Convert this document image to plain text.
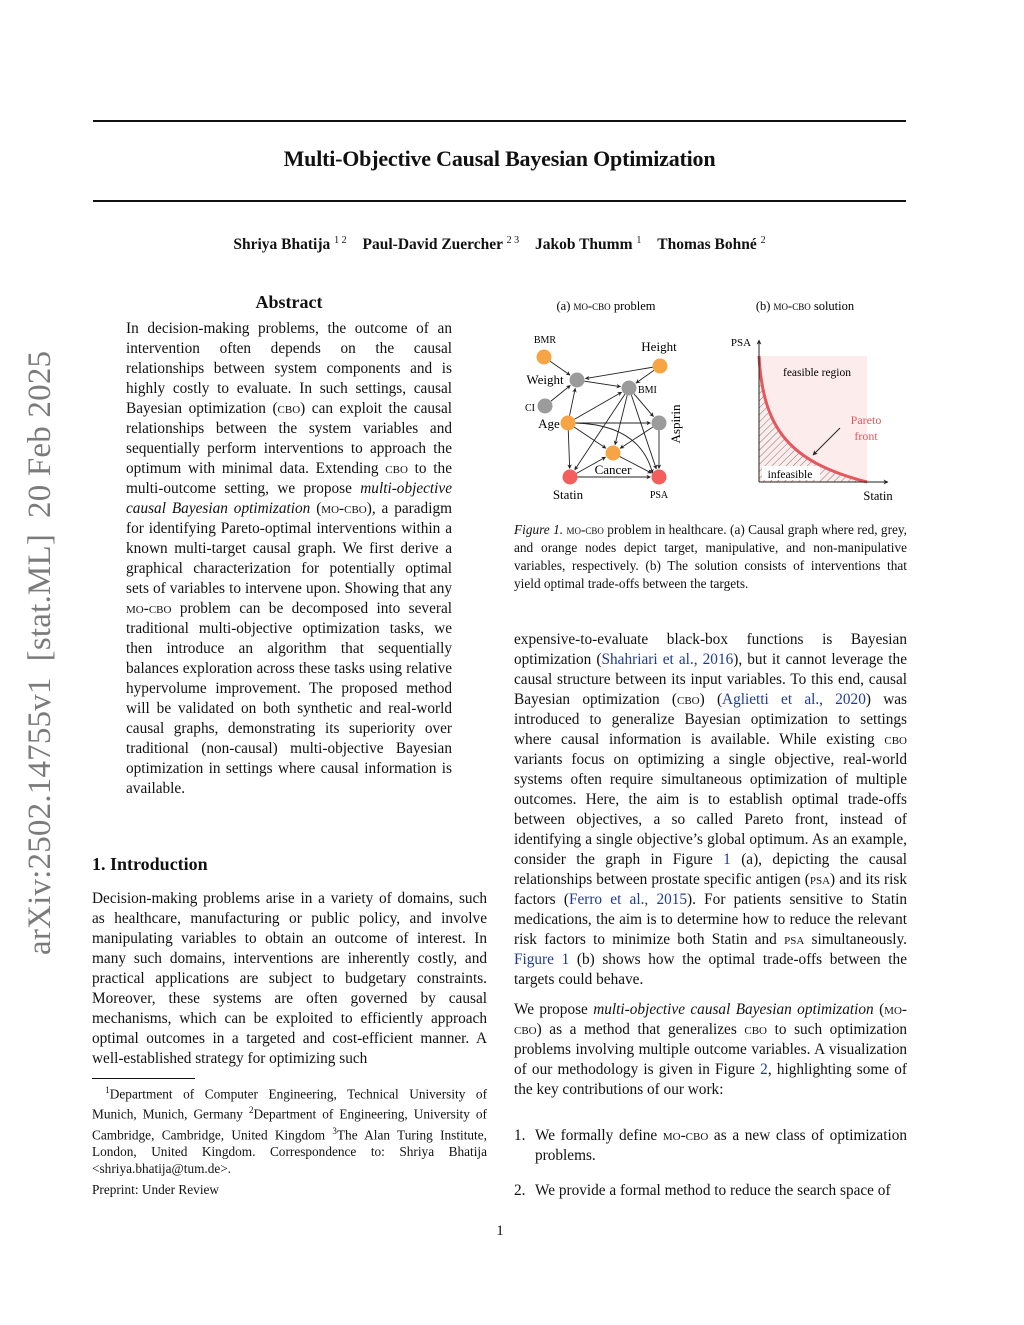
Multi-Objective Causal Bayesian Optimization
Shriya Bhatija $^{1 2}$ Paul-David Zuercher $^{2 3}$ Jakob Thumm $^1$ Thomas Bohné $^2$
arXiv:2502.14755v1[stat.ML]20 Feb 2025
Abstract

In decision-making problems, the outcome of an intervention often depends on the causal relationships between system components and is highly costly to evaluate. In such settings, causal Bayesian optimization (cbo) can exploit the causal relationships between the system variables and sequentially perform interventions to approach the optimum with minimal data. Extending cbo to the multi-outcome setting, we propose multi-objective causal Bayesian optimization (mo-cbo), a paradigm for identifying Pareto-optimal interventions within a known multi-target causal graph. We first derive a graphical characterization for potentially optimal sets of variables to intervene upon. Showing that any mo-cbo problem can be decomposed into several traditional multi-objective optimization tasks, we then introduce an algorithm that sequentially balances exploration across these tasks using relative hypervolume improvement. The proposed method will be validated on both synthetic and real-world causal graphs, demonstrating its superiority over traditional (non-causal) multi-objective Bayesian optimization in settings where causal information is available.

1. Introduction

Decision-making problems arise in a variety of domains, such as healthcare, manufacturing or public policy, and involve manipulating variables to obtain an outcome of interest. In many such domains, interventions are inherently costly, and practical applications are subject to budgetary constraints. Moreover, these systems are often governed by causal mechanisms, which can be exploited to efficiently approach optimal outcomes in a targeted and cost-efficient manner. A well-established strategy for optimizing such

 $^1$Department of Computer Engineering, Technical University of Munich, Munich, Germany $^2$Department of Engineering, University of Cambridge, Cambridge, United Kingdom $^3$The Alan Turing Institute, London, United Kingdom. Correspondence to: Shriya Bhatija <shriya.bhatija@tum.de>.

Preprint: Under Review
(a) mo-cbo problem	(b) mo-cbo solution
BMR	Height
Weight
BMI
CI
Age	Aspirin
Cancer
Statin	PSA
PSA
Statin
feasible region
infeasible
Pareto
front

Figure 1. mo-cbo problem in healthcare. (a) Causal graph where red, grey, and orange nodes depict target, manipulative, and non-manipulative variables, respectively. (b) The solution consists of interventions that yield optimal trade-offs between the targets.

expensive-to-evaluate black-box functions is Bayesian optimization (Shahriari et al., 2016), but it cannot leverage the causal structure between its input variables. To this end, causal Bayesian optimization (cbo) (Aglietti et al., 2020) was introduced to generalize Bayesian optimization to settings where causal information is available. While existing cbo variants focus on optimizing a single objective, real-world systems often require simultaneous optimization of multiple outcomes. Here, the aim is to establish optimal trade-offs between objectives, a so called Pareto front, instead of identifying a single objective’s global optimum. As an example, consider the graph in Figure 1 (a), depicting the causal relationships between prostate specific antigen (psa) and its risk factors (Ferro et al., 2015). For patients sensitive to Statin medications, the aim is to determine how to reduce the relevant risk factors to minimize both Statin and psa simultaneously. Figure 1 (b) shows how the optimal trade-offs between the targets could behave.

We propose multi-objective causal Bayesian optimization (mo-cbo) as a method that generalizes cbo to such optimization problems involving multiple outcome variables. A visualization of our methodology is given in Figure 2, highlighting some of the key contributions of our work:

1. We formally define mo-cbo as a new class of optimization problems.
2. We provide a formal method to reduce the search space of
1
